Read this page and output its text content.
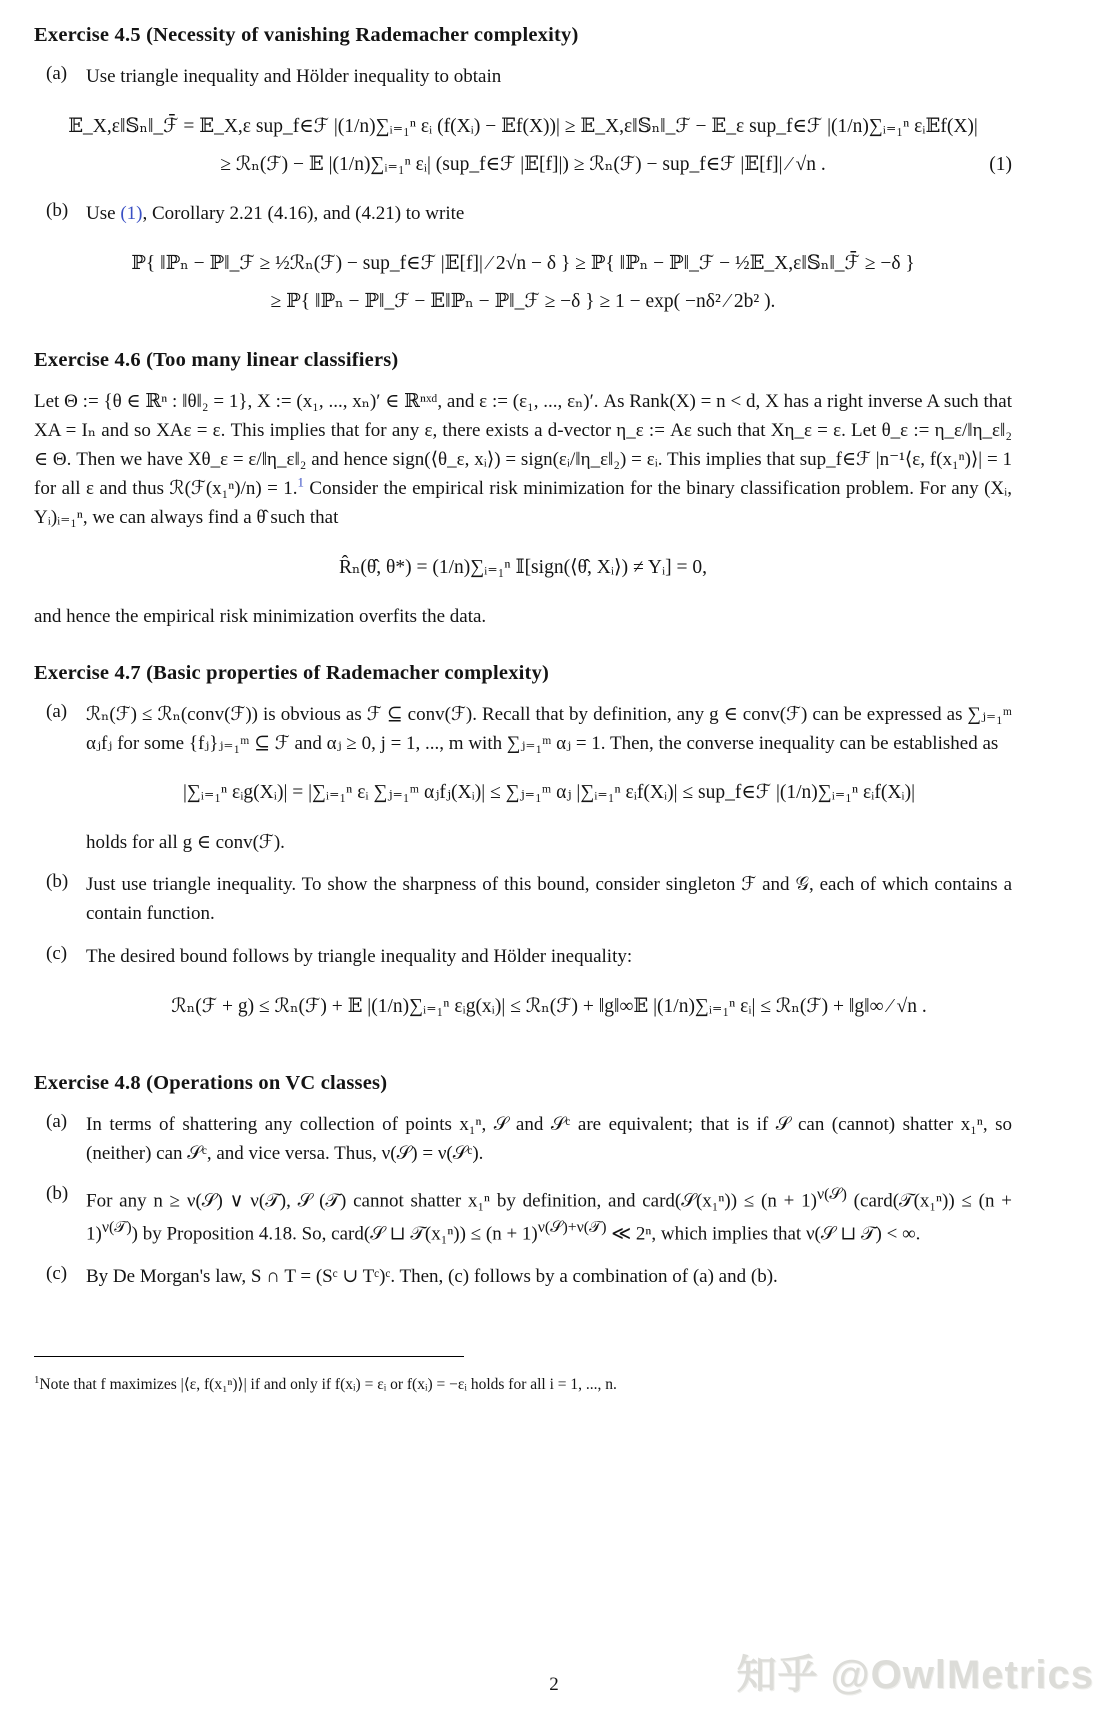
Exercise 4.5 (Necessity of vanishing Rademacher complexity)
(a) Use triangle inequality and Hölder inequality to obtain

𝔼_X,ε‖𝕊ₙ‖_ℱ̄ = 𝔼_X,ε sup_f∈ℱ |(1/n)∑ᵢ₌₁ⁿ εᵢ (f(Xᵢ) − 𝔼f(X))| ≥ 𝔼_X,ε‖𝕊ₙ‖_ℱ − 𝔼_ε sup_f∈ℱ |(1/n)∑ᵢ₌₁ⁿ εᵢ𝔼f(X)|
≥ ℛₙ(ℱ) − 𝔼 |(1/n)∑ᵢ₌₁ⁿ εᵢ| (sup_f∈ℱ |𝔼[f]|) ≥ ℛₙ(ℱ) − sup_f∈ℱ |𝔼[f]| ⁄ √n .	(1)
(b) Use (1), Corollary 2.21 (4.16), and (4.21) to write

ℙ{ ‖ℙₙ − ℙ‖_ℱ ≥ ½ℛₙ(ℱ) − sup_f∈ℱ |𝔼[f]| ⁄ 2√n − δ } ≥ ℙ{ ‖ℙₙ − ℙ‖_ℱ − ½𝔼_X,ε‖𝕊ₙ‖_ℱ̄ ≥ −δ }
≥ ℙ{ ‖ℙₙ − ℙ‖_ℱ − 𝔼‖ℙₙ − ℙ‖_ℱ ≥ −δ } ≥ 1 − exp( −nδ² ⁄ 2b² ).
Exercise 4.6 (Too many linear classifiers)

Let Θ := {θ ∈ ℝⁿ : ‖θ‖₂ = 1}, X := (x₁, ..., xₙ)′ ∈ ℝⁿˣᵈ, and ε := (ε₁, ..., εₙ)′. As Rank(X) = n < d, X has a right inverse A such that XA = Iₙ and so XAε = ε. This implies that for any ε, there exists a d-vector η_ε := Aε such that Xη_ε = ε. Let θ_ε := η_ε/‖η_ε‖₂ ∈ Θ. Then we have Xθ_ε = ε/‖η_ε‖₂ and hence sign(⟨θ_ε, xᵢ⟩) = sign(εᵢ/‖η_ε‖₂) = εᵢ. This implies that sup_f∈ℱ |n⁻¹⟨ε, f(x₁ⁿ)⟩| = 1 for all ε and thus ℛ(ℱ(x₁ⁿ)/n) = 1.$^1$ Consider the empirical risk minimization for the binary classification problem. For any (Xᵢ, Yᵢ)ᵢ₌₁ⁿ, we can always find a θ̂ such that

R̂ₙ(θ̂, θ*) = (1/n)∑ᵢ₌₁ⁿ 𝕀[sign(⟨θ̂, Xᵢ⟩) ≠ Yᵢ] = 0,

and hence the empirical risk minimization overfits the data.

Exercise 4.7 (Basic properties of Rademacher complexity)
(a) ℛₙ(ℱ) ≤ ℛₙ(conv(ℱ)) is obvious as ℱ ⊆ conv(ℱ). Recall that by definition, any g ∈ conv(ℱ) can be expressed as ∑ⱼ₌₁ᵐ αⱼfⱼ for some {fⱼ}ⱼ₌₁ᵐ ⊆ ℱ and αⱼ ≥ 0, j = 1, ..., m with ∑ⱼ₌₁ᵐ αⱼ = 1. Then, the converse inequality can be established as

|∑ᵢ₌₁ⁿ εᵢg(Xᵢ)| = |∑ᵢ₌₁ⁿ εᵢ ∑ⱼ₌₁ᵐ αⱼfⱼ(Xᵢ)| ≤ ∑ⱼ₌₁ᵐ αⱼ |∑ᵢ₌₁ⁿ εᵢf(Xᵢ)| ≤ sup_f∈ℱ |(1/n)∑ᵢ₌₁ⁿ εᵢf(Xᵢ)|

holds for all g ∈ conv(ℱ).

(b) Just use triangle inequality. To show the sharpness of this bound, consider singleton ℱ and 𝒢, each of which contains a contain function.

(c) The desired bound follows by triangle inequality and Hölder inequality:

ℛₙ(ℱ + g) ≤ ℛₙ(ℱ) + 𝔼 |(1/n)∑ᵢ₌₁ⁿ εᵢg(xᵢ)| ≤ ℛₙ(ℱ) + ‖g‖∞𝔼 |(1/n)∑ᵢ₌₁ⁿ εᵢ| ≤ ℛₙ(ℱ) + ‖g‖∞ ⁄ √n .
Exercise 4.8 (Operations on VC classes)
(a) In terms of shattering any collection of points x₁ⁿ, 𝒮 and 𝒮ᶜ are equivalent; that is if 𝒮 can (cannot) shatter x₁ⁿ, so (neither) can 𝒮ᶜ, and vice versa. Thus, ν(𝒮) = ν(𝒮ᶜ).

(b) For any n ≥ ν(𝒮) ∨ ν(𝒯), 𝒮 (𝒯) cannot shatter x₁ⁿ by definition, and card(𝒮(x₁ⁿ)) ≤ $(n + 1)^{\nu(𝒮)}$ (card(𝒯(x₁ⁿ)) ≤ $(n + 1)^{\nu(𝒯)}$) by Proposition 4.18. So, card(𝒮 ⊔ 𝒯(x₁ⁿ)) ≤ $(n + 1)^{\nu(𝒮)+\nu(𝒯)}$ ≪ 2ⁿ, which implies that ν(𝒮 ⊔ 𝒯) < ∞.

(c) By De Morgan's law, S ∩ T = (Sᶜ ∪ Tᶜ)ᶜ. Then, (c) follows by a combination of (a) and (b).

$^1$Note that f maximizes |⟨ε, f(x₁ⁿ)⟩| if and only if f(xᵢ) = εᵢ or f(xᵢ) = −εᵢ holds for all i = 1, ..., n.

2	知乎 @OwlMetrics
